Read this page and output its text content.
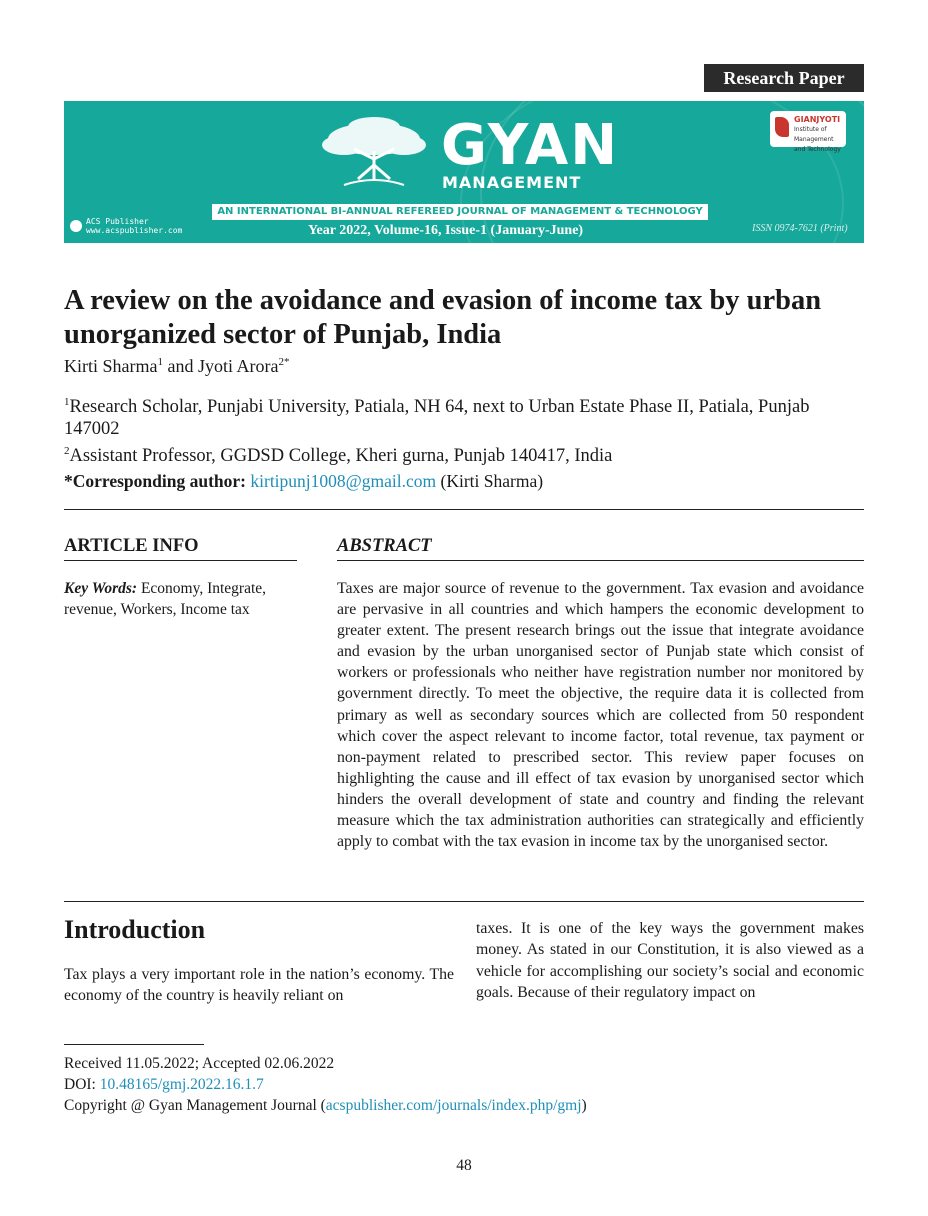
Research Paper
GYAN
MANAGEMENT
AN INTERNATIONAL BI-ANNUAL REFEREED JOURNAL OF MANAGEMENT & TECHNOLOGY
Year 2022, Volume-16, Issue-1 (January-June)	ISSN 0974-7621 (Print)
ACS Publisher
www.acspublisher.com
GIANJYOTI
Institute of Management and Technology
A review on the avoidance and evasion of income tax by urban unorganized sector of Punjab, India
Kirti Sharma$^1$ and Jyoti Arora$^{2*}$
$^1$Research Scholar, Punjabi University, Patiala, NH 64, next to Urban Estate Phase II, Patiala, Punjab 147002
$^2$Assistant Professor, GGDSD College, Kheri gurna, Punjab 140417, India
*Corresponding author: kirtipunj1008@gmail.com (Kirti Sharma)
ARTICLE INFO
Key Words: Economy, Integrate, revenue, Workers, Income tax
ABSTRACT
Taxes are major source of revenue to the government. Tax evasion and avoidance are pervasive in all countries and which hampers the economic development to greater extent. The present research brings out the issue that integrate avoidance and evasion by the urban unorganised sector of Punjab state which consist of workers or professionals who neither have registration number nor monitored by government directly. To meet the objective, the require data it is collected from primary as well as secondary sources which are collected from 50 respondent which cover the aspect relevant to income factor, total revenue, tax payment or non-payment related to prescribed sector. This review paper focuses on highlighting the cause and ill effect of tax evasion by unorganised sector which hinders the overall development of state and country and finding the relevant measure which the tax administration authorities can strategically and efficiently apply to combat with the tax evasion in income tax by the unorganised sector.
Introduction
Tax plays a very important role in the nation’s economy. The economy of the country is heavily reliant on
taxes. It is one of the key ways the government makes money. As stated in our Constitution, it is also viewed as a vehicle for accomplishing our society’s social and economic goals. Because of their regulatory impact on
Received 11.05.2022; Accepted 02.06.2022
DOI: 10.48165/gmj.2022.16.1.7
Copyright @ Gyan Management Journal (acspublisher.com/journals/index.php/gmj)
48
